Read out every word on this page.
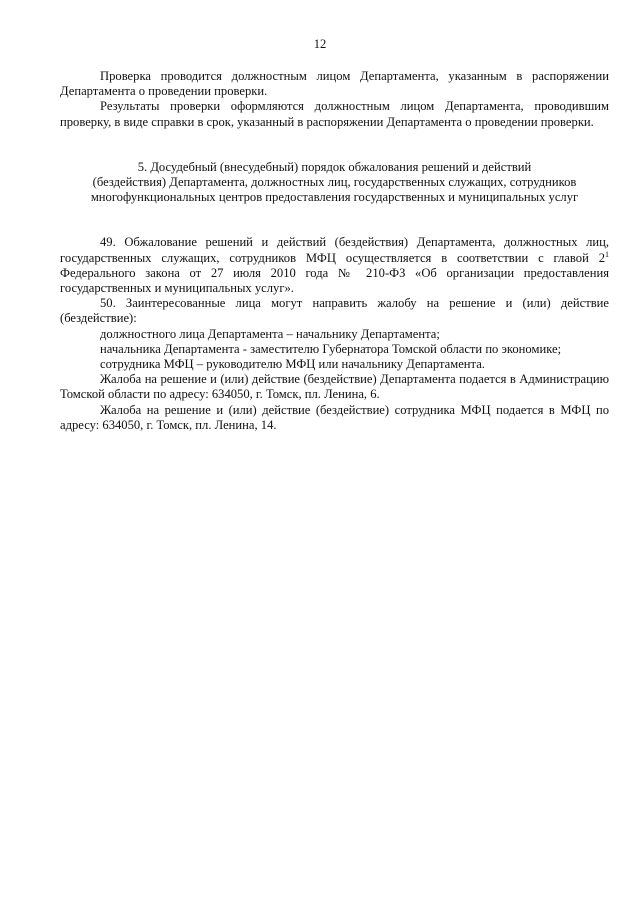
12

Проверка проводится должностным лицом Департамента, указанным в распоряжении Департамента о проведении проверки.

Результаты проверки оформляются должностным лицом Департамента, проводившим проверку, в виде справки в срок, указанный в распоряжении Департамента о проведении проверки.

5. Досудебный (внесудебный) порядок обжалования решений и действий
(бездействия) Департамента, должностных лиц, государственных служащих, сотрудников
многофункциональных центров предоставления государственных и муниципальных услуг

49. Обжалование решений и действий (бездействия) Департамента, должностных лиц, государственных служащих, сотрудников МФЦ осуществляется в соответствии с главой $2^1$ Федерального закона от 27 июля 2010 года № 210-ФЗ «Об организации предоставления государственных и муниципальных услуг».

50. Заинтересованные лица могут направить жалобу на решение и (или) действие (бездействие):

должностного лица Департамента – начальнику Департамента;

начальника Департамента - заместителю Губернатора Томской области по экономике;

сотрудника МФЦ – руководителю МФЦ или начальнику Департамента.

Жалоба на решение и (или) действие (бездействие) Департамента подается в Администрацию Томской области по адресу: 634050, г. Томск, пл. Ленина, 6.

Жалоба на решение и (или) действие (бездействие) сотрудника МФЦ подается в МФЦ по адресу: 634050, г. Томск, пл. Ленина, 14.
